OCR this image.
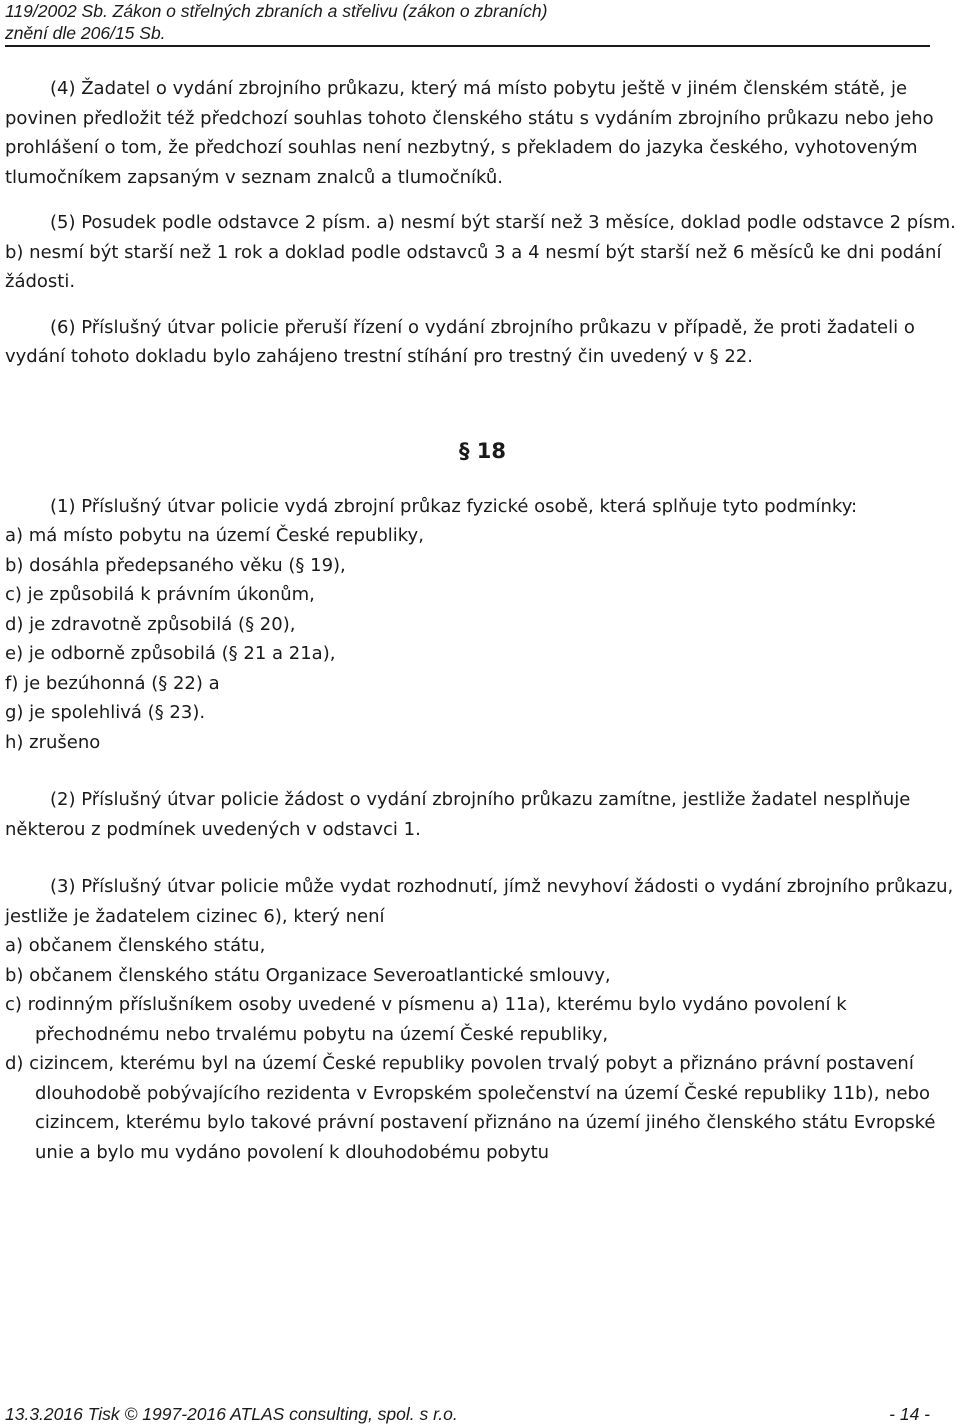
119/2002 Sb. Zákon o střelných zbraních a střelivu (zákon o zbraních)
znění dle 206/15 Sb.

(4) Žadatel o vydání zbrojního průkazu, který má místo pobytu ještě v jiném členském státě, je povinen předložit též předchozí souhlas tohoto členského státu s vydáním zbrojního průkazu nebo jeho prohlášení o tom, že předchozí souhlas není nezbytný, s překladem do jazyka českého, vyhotoveným tlumočníkem zapsaným v seznam znalců a tlumočníků.

(5) Posudek podle odstavce 2 písm. a) nesmí být starší než 3 měsíce, doklad podle odstavce 2 písm. b) nesmí být starší než 1 rok a doklad podle odstavců 3 a 4 nesmí být starší než 6 měsíců ke dni podání žádosti.

(6) Příslušný útvar policie přeruší řízení o vydání zbrojního průkazu v případě, že proti žadateli o vydání tohoto dokladu bylo zahájeno trestní stíhání pro trestný čin uvedený v § 22.

§ 18

(1) Příslušný útvar policie vydá zbrojní průkaz fyzické osobě, která splňuje tyto podmínky:

a) má místo pobytu na území České republiky,
b) dosáhla předepsaného věku (§ 19),
c) je způsobilá k právním úkonům,
d) je zdravotně způsobilá (§ 20),
e) je odborně způsobilá (§ 21 a 21a),
f) je bezúhonná (§ 22) a
g) je spolehlivá (§ 23).
h) zrušeno

(2) Příslušný útvar policie žádost o vydání zbrojního průkazu zamítne, jestliže žadatel nesplňuje některou z podmínek uvedených v odstavci 1.

(3) Příslušný útvar policie může vydat rozhodnutí, jímž nevyhoví žádosti o vydání zbrojního průkazu, jestliže je žadatelem cizinec 6), který není

a) občanem členského státu,
b) občanem členského státu Organizace Severoatlantické smlouvy,
c) rodinným příslušníkem osoby uvedené v písmenu a) 11a), kterému bylo vydáno povolení k přechodnému nebo trvalému pobytu na území České republiky,
d) cizincem, kterému byl na území České republiky povolen trvalý pobyt a přiznáno právní postavení dlouhodobě pobývajícího rezidenta v Evropském společenství na území České republiky 11b), nebo cizincem, kterému bylo takové právní postavení přiznáno na území jiného členského státu Evropské unie a bylo mu vydáno povolení k dlouhodobému pobytu
13.3.2016 Tisk © 1997-2016 ATLAS consulting, spol. s r.o.	- 14 -
